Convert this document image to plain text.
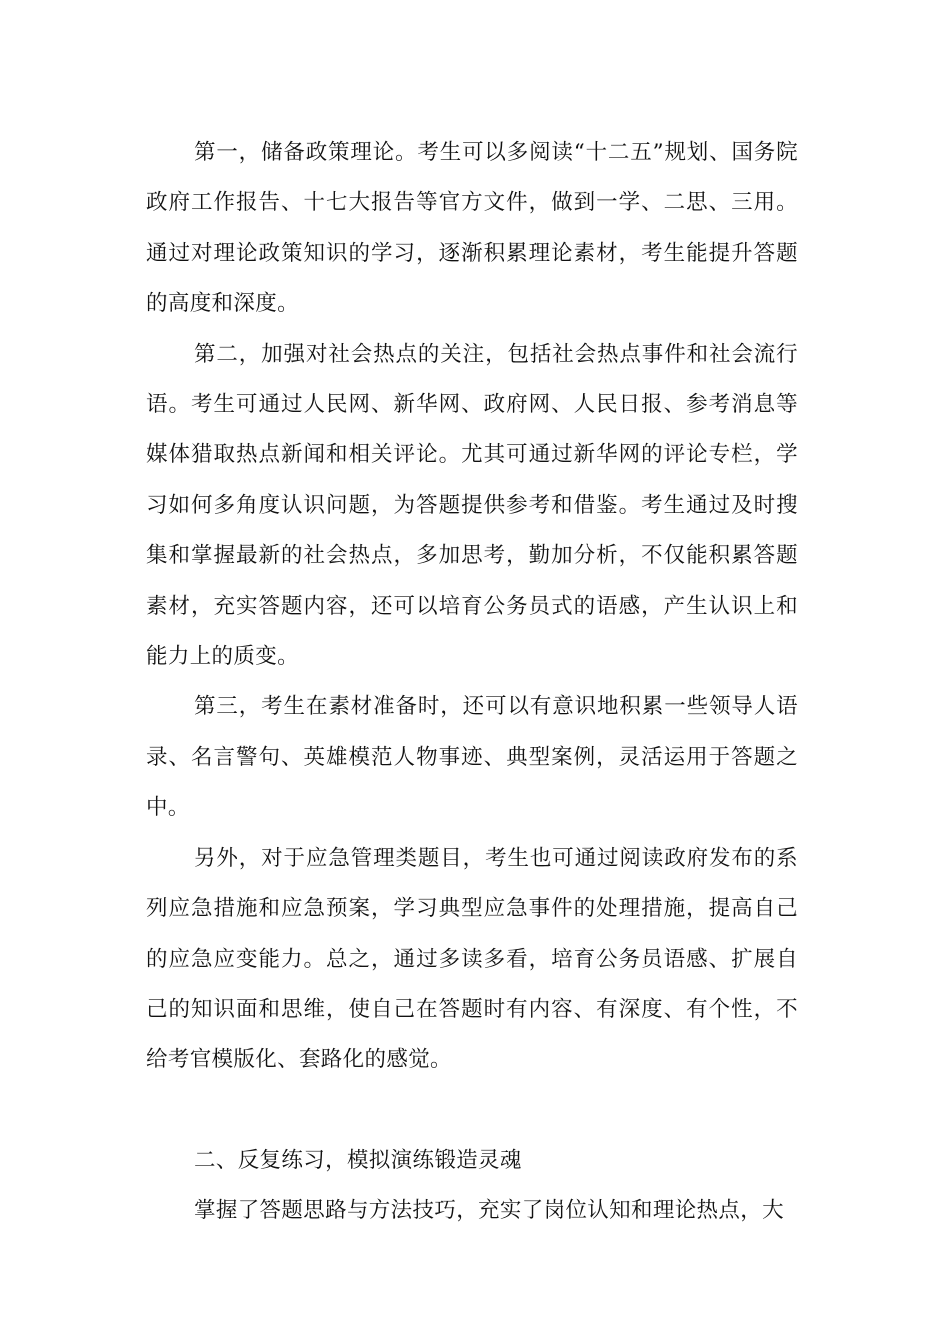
第一，储备政策理论。考生可以多阅读“十二五”规划、国务院政府工作报告、十七大报告等官方文件，做到一学、二思、三用。通过对理论政策知识的学习，逐渐积累理论素材，考生能提升答题的高度和深度。

第二，加强对社会热点的关注，包括社会热点事件和社会流行语。考生可通过人民网、新华网、政府网、人民日报、参考消息等媒体猎取热点新闻和相关评论。尤其可通过新华网的评论专栏，学习如何多角度认识问题，为答题提供参考和借鉴。考生通过及时搜集和掌握最新的社会热点，多加思考，勤加分析，不仅能积累答题素材，充实答题内容，还可以培育公务员式的语感，产生认识上和能力上的质变。

第三，考生在素材准备时，还可以有意识地积累一些领导人语录、名言警句、英雄模范人物事迹、典型案例，灵活运用于答题之中。

另外，对于应急管理类题目，考生也可通过阅读政府发布的系列应急措施和应急预案，学习典型应急事件的处理措施，提高自己的应急应变能力。总之，通过多读多看，培育公务员语感、扩展自己的知识面和思维，使自己在答题时有内容、有深度、有个性，不给考官模版化、套路化的感觉。

二、反复练习，模拟演练锻造灵魂

掌握了答题思路与方法技巧，充实了岗位认知和理论热点，大
